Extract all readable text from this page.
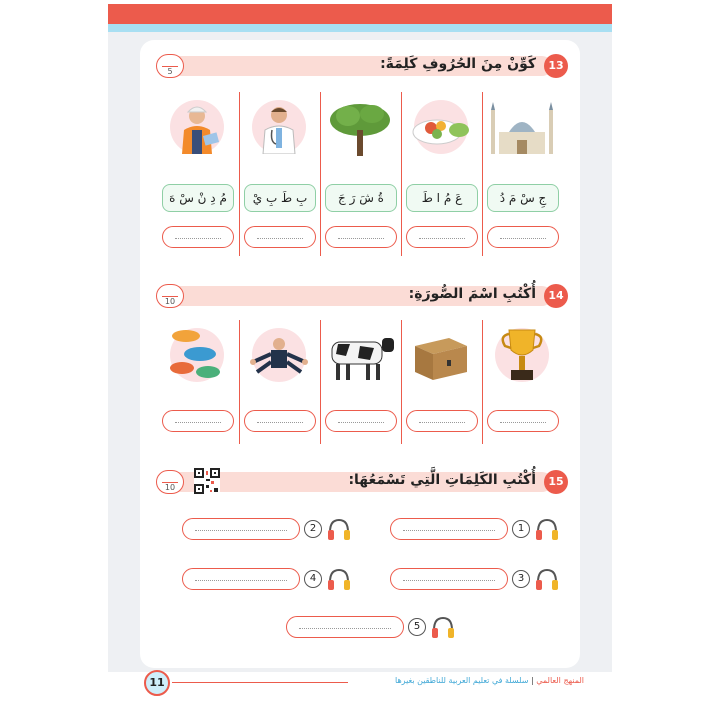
5	كَوِّنْ مِنَ الحُرُوفِ كَلِمَةً:	13
مُ دِ نْ سْ هَ	بِ طَ بِ يْ	ةُ شَ رَ جَ	عَ مُ ا طَ	جِ سْ مَ دُ
10	أُكْتُبِ اسْمَ الصُّورَةِ:	14
10	أُكْتُبِ الكَلِمَاتِ الَّتِي تَسْمَعُهَا:	15
1
2
3
4
5
11	المنهج العالمي | سلسلة في تعليم العربية للناطقين بغيرها
